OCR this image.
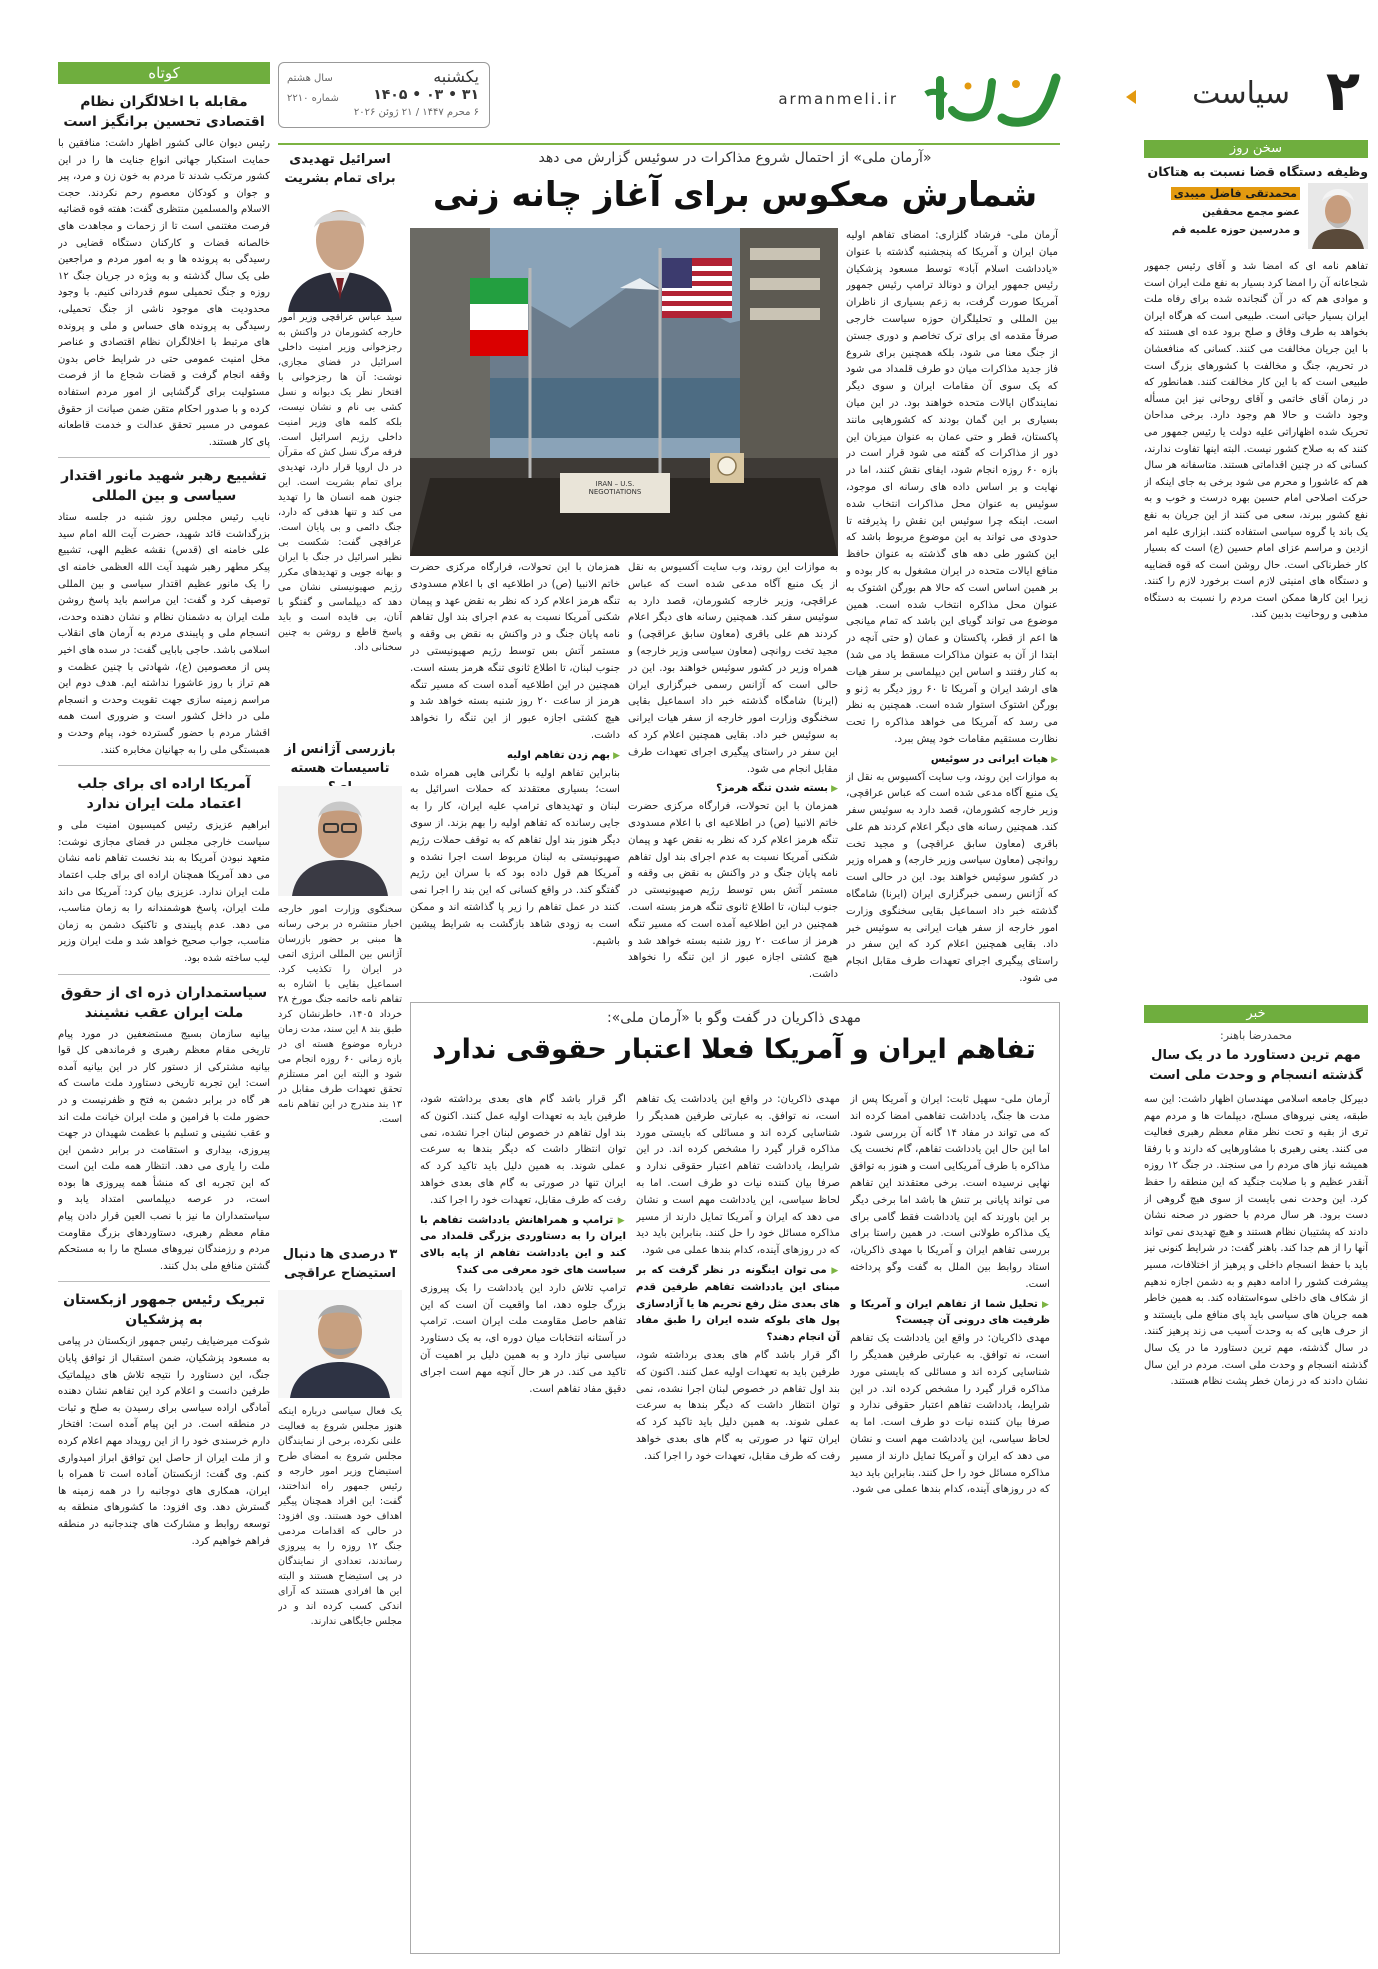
۲
سیاست
armanmeli.ir
یکشنبه
۳۱ • ۰۳ • ۱۴۰۵
۶ محرم ۱۴۴۷ / ۲۱ ژوئن ۲۰۲۶
سال هشتم
شماره ۲۲۱۰
کوتاه
مقابله با اخلالگران نظام اقتصادی تحسین برانگیز است
رئیس دیوان عالی کشور اظهار داشت: منافقین با حمایت استکبار جهانی انواع جنایت ها را در این کشور مرتکب شدند تا مردم به خون زن و مرد، پیر و جوان و کودکان معصوم رحم نکردند. حجت الاسلام والمسلمین منتظری گفت: هفته قوه قضائیه فرصت مغتنمی است تا از زحمات و مجاهدت های خالصانه قضات و کارکنان دستگاه قضایی در رسیدگی به پرونده ها و به امور مردم و مراجعین طی یک سال گذشته و به ویژه در جریان جنگ ۱۲ روزه و جنگ تحمیلی سوم قدردانی کنیم. با وجود محدودیت های موجود ناشی از جنگ تحمیلی، رسیدگی به پرونده های حساس و ملی و پرونده های مرتبط با اخلالگران نظام اقتصادی و عناصر مخل امنیت عمومی حتی در شرایط خاص بدون وقفه انجام گرفت و قضات شجاع ما از فرصت مسئولیت برای گرگشایی از امور مردم استفاده کرده و با صدور احکام متقن ضمن صیانت از حقوق عمومی در مسیر تحقق عدالت و خدمت قاطعانه پای کار هستند.
تشییع رهبر شهید مانور اقتدار سیاسی و بین المللی
نایب رئیس مجلس روز شنبه در جلسه ستاد بزرگداشت قائد شهید، حضرت آیت الله امام سید علی خامنه ای (قدس) نقشه عظیم الهی، تشییع پیکر مطهر رهبر شهید آیت الله العظمی خامنه ای را یک مانور عظیم اقتدار سیاسی و بین المللی توصیف کرد و گفت: این مراسم باید پاسخ روشن ملت ایران به دشمنان نظام و نشان دهنده وحدت، انسجام ملی و پایبندی مردم به آرمان های انقلاب اسلامی باشد. حاجی بابایی گفت: در سده های اخیر پس از معصومین (ع)، شهادتی با چنین عظمت و هم تراز با روز عاشورا نداشته ایم. هدف دوم این مراسم زمینه سازی جهت تقویت وحدت و انسجام ملی در داخل کشور است و ضروری است همه اقشار مردم با حضور گسترده خود، پیام وحدت و همبستگی ملی را به جهانیان مخابره کنند.
آمریکا اراده ای برای جلب اعتماد ملت ایران ندارد
ابراهیم عزیزی رئیس کمیسیون امنیت ملی و سیاست خارجی مجلس در فضای مجازی نوشت: متعهد نبودن آمریکا به بند نخست تفاهم نامه نشان می دهد آمریکا همچنان اراده ای برای جلب اعتماد ملت ایران ندارد. عزیزی بیان کرد: آمریکا می داند ملت ایران، پاسخ هوشمندانه را به زمان مناسب، می دهد. عدم پایبندی و تاکتیک دشمن به زمان مناسب، جواب صحیح خواهد شد و ملت ایران وزیر لیب ساخته شده بود.
سیاستمداران ذره ای از حقوق ملت ایران عقب نشینند
بیانیه سازمان بسیج مستضعفین در مورد پیام تاریخی مقام معظم رهبری و فرماندهی کل قوا بیانیه مشترکی از دستور کار در این بیانیه آمده است: این تجربه تاریخی دستاورد ملت ماست که هر گاه در برابر دشمن به فتح و ظفرنیست و در حضور ملت با فرامین و ملت ایران خیانت ملت اند و عقب نشینی و تسلیم با عظمت شهیدان در جهت پیروزی، بیداری و استقامت در برابر دشمن این ملت را یاری می دهد. انتظار همه ملت این است که این تجربه ای که منشأ همه پیروزی ها بوده است، در عرصه دیپلماسی امتداد یابد و سیاستمداران ما نیز با نصب العین قرار دادن پیام مقام معظم رهبری، دستاوردهای بزرگ مقاومت مردم و رزمندگان نیروهای مسلح ما را به مستحکم گشتن منافع ملی بدل کنند.
تبریک رئیس جمهور ازبکستان به پزشکیان
شوکت میرضیایف رئیس جمهور ازبکستان در پیامی به مسعود پزشکیان، ضمن استقبال از توافق پایان جنگ، این دستاورد را نتیجه تلاش های دیپلماتیک طرفین دانست و اعلام کرد این تفاهم نشان دهنده آمادگی اراده سیاسی برای رسیدن به صلح و ثبات در منطقه است. در این پیام آمده است: افتخار دارم خرسندی خود را از این رویداد مهم اعلام کرده و از ملت ایران از حاصل این توافق ابراز امیدواری کنم. وی گفت: ازبکستان آماده است تا همراه با ایران، همکاری های دوجانبه را در همه زمینه ها گسترش دهد. وی افزود: ما کشورهای منطقه به توسعه روابط و مشارکت های چندجانبه در منطقه فراهم خواهیم کرد.
اسرائیل تهدیدی برای تمام بشریت
سید عباس عراقچی وزیر امور خارجه کشورمان در واکنش به رجزخوانی وزیر امنیت داخلی اسرائیل در فضای مجازی، نوشت: آن ها رجزخوانی با افتخار نظر یک دیوانه و نسل کشی بی نام و نشان نیست، بلکه کلمه های وزیر امنیت داخلی رژیم اسرائیل است. فرقه مرگ نسل کش که مقرآن در دل اروپا قرار دارد، تهدیدی برای تمام بشریت است. این جنون همه انسان ها را تهدید می کند و تنها هدفی که دارد، جنگ دائمی و بی پایان است. عراقچی گفت: شکست بی نظیر اسرائیل در جنگ با ایران و بهانه جویی و تهدیدهای مکرر رژیم صهیونیستی نشان می دهد که دیپلماسی و گفتگو با آنان، بی فایده است و باید پاسخ قاطع و روشن به چنین سخنانی داد.
بازرسی آژانس از تاسیسات هسته
سخنگوی وزارت امور خارجه اخبار منتشره در برخی رسانه ها مبنی بر حضور بازرسان آژانس بین المللی انرژی اتمی در ایران را تکذیب کرد. اسماعیل بقایی با اشاره به تفاهم نامه خاتمه جنگ مورخ ۲۸ خرداد ۱۴۰۵، خاطرنشان کرد طبق بند ۸ این سند، مدت زمان درباره موضوع هسته ای در بازه زمانی ۶۰ روزه انجام می شود و البته این امر مستلزم تحقق تعهدات طرف مقابل در ۱۳ بند مندرج در این تفاهم نامه است.
۳ درصدی ها دنبال استیضاح عراقچی
یک فعال سیاسی درباره اینکه هنوز مجلس شروع به فعالیت علنی نکرده، برخی از نمایندگان مجلس شروع به امضای طرح استیضاح وزیر امور خارجه و رئیس جمهور راه انداختند، گفت: این افراد همچنان پیگیر اهداف خود هستند. وی افزود: در حالی که اقدامات مردمی جنگ ۱۲ روزه را به پیروزی رساندند، تعدادی از نمایندگان در پی استیضاح هستند و البته این ها افرادی هستند که آرای اندکی کسب کرده اند و در مجلس جایگاهی ندارند.
«آرمان ملی» از احتمال شروع مذاکرات در سوئیس گزارش می دهد
شمارش معکوس برای آغاز چانه زنی
IRAN – U.S.
NEGOTIATIONS

آرمان ملی- فرشاد گلزاری: امضای تفاهم اولیه میان ایران و آمریکا که پنجشنبه گذشته با عنوان «یادداشت اسلام آباد» توسط مسعود پزشکیان رئیس جمهور ایران و دونالد ترامپ رئیس جمهور آمریکا صورت گرفت، به زعم بسیاری از ناظران بین المللی و تحلیلگران حوزه سیاست خارجی صرفاً مقدمه ای برای ترک تخاصم و دوری جستن از جنگ معنا می شود، بلکه همچنین برای شروع فاز جدید مذاکرات میان دو طرف قلمداد می شود که یک سوی آن مقامات ایران و سوی دیگر نمایندگان ایالات متحده خواهند بود. در این میان بسیاری بر این گمان بودند که کشورهایی مانند پاکستان، قطر و حتی عمان به عنوان میزبان این دور از مذاکرات که گفته می شود قرار است در بازه ۶۰ روزه انجام شود، ایفای نقش کنند، اما در نهایت و بر اساس داده های رسانه ای موجود، سوئیس به عنوان محل مذاکرات انتخاب شده است. اینکه چرا سوئیس این نقش را پذیرفته تا حدودی می تواند به این موضوع مربوط باشد که این کشور طی دهه های گذشته به عنوان حافظ منافع ایالات متحده در ایران مشغول به کار بوده و بر همین اساس است که حالا هم بورگن اشتوک به عنوان محل مذاکره انتخاب شده است. همین موضوع می تواند گویای این باشد که تمام میانجی ها اعم از قطر، پاکستان و عمان (و حتی آنچه در ابتدا از آن به عنوان مذاکرات مسقط یاد می شد) به کنار رفتند و اساس این دیپلماسی بر سفر هیات های ارشد ایران و آمریکا تا ۶۰ روز دیگر به ژنو و بورگن اشتوک استوار شده است. همچنین به نظر می رسد که آمریکا می خواهد مذاکره را تحت نظارت مستقیم مقامات خود پیش ببرد.

▶ هیات ایرانی در سوئیس

به موازات این روند، وب سایت آکسیوس به نقل از یک منبع آگاه مدعی شده است که عباس عراقچی، وزیر خارجه کشورمان، قصد دارد به سوئیس سفر کند. همچنین رسانه های دیگر اعلام کردند هم علی باقری (معاون سابق عراقچی) و مجید تخت روانچی (معاون سیاسی وزیر خارجه) و همراه وزیر در کشور سوئیس خواهند بود. این در حالی است که آژانس رسمی خبرگزاری ایران (ایرنا) شامگاه گذشته خبر داد اسماعیل بقایی سخنگوی وزارت امور خارجه از سفر هیات ایرانی به سوئیس خبر داد. بقایی همچنین اعلام کرد که این سفر در راستای پیگیری اجرای تعهدات طرف مقابل انجام می شود.

به موازات این روند، وب سایت آکسیوس به نقل از یک منبع آگاه مدعی شده است که عباس عراقچی، وزیر خارجه کشورمان، قصد دارد به سوئیس سفر کند. همچنین رسانه های دیگر اعلام کردند هم علی باقری (معاون سابق عراقچی) و مجید تخت روانچی (معاون سیاسی وزیر خارجه) و همراه وزیر در کشور سوئیس خواهند بود. این در حالی است که آژانس رسمی خبرگزاری ایران (ایرنا) شامگاه گذشته خبر داد اسماعیل بقایی سخنگوی وزارت امور خارجه از سفر هیات ایرانی به سوئیس خبر داد. بقایی همچنین اعلام کرد که این سفر در راستای پیگیری اجرای تعهدات طرف مقابل انجام می شود.

▶ بسته شدن تنگه هرمز؟

همزمان با این تحولات، فرارگاه مرکزی حضرت خاتم الانبیا (ص) در اطلاعیه ای با اعلام مسدودی تنگه هرمز اعلام کرد که نظر به نقض عهد و پیمان شکنی آمریکا نسبت به عدم اجرای بند اول تفاهم نامه پایان جنگ و در واکنش به نقض بی وقفه و مستمر آتش بس توسط رژیم صهیونیستی در جنوب لبنان، تا اطلاع ثانوی تنگه هرمز بسته است. همچنین در این اطلاعیه آمده است که مسیر تنگه هرمز از ساعت ۲۰ روز شنبه بسته خواهد شد و هیچ کشتی اجازه عبور از این تنگه را نخواهد داشت.

همزمان با این تحولات، فرارگاه مرکزی حضرت خاتم الانبیا (ص) در اطلاعیه ای با اعلام مسدودی تنگه هرمز اعلام کرد که نظر به نقض عهد و پیمان شکنی آمریکا نسبت به عدم اجرای بند اول تفاهم نامه پایان جنگ و در واکنش به نقض بی وقفه و مستمر آتش بس توسط رژیم صهیونیستی در جنوب لبنان، تا اطلاع ثانوی تنگه هرمز بسته است. همچنین در این اطلاعیه آمده است که مسیر تنگه هرمز از ساعت ۲۰ روز شنبه بسته خواهد شد و هیچ کشتی اجازه عبور از این تنگه را نخواهد داشت.

▶ بهم زدن تفاهم اولیه

بنابراین تفاهم اولیه با نگرانی هایی همراه شده است؛ بسیاری معتقدند که حملات اسرائیل به لبنان و تهدیدهای ترامپ علیه ایران، کار را به جایی رسانده که تفاهم اولیه را بهم بزند. از سوی دیگر هنوز بند اول تفاهم که به توقف حملات رژیم صهیونیستی به لبنان مربوط است اجرا نشده و آمریکا هم قول داده بود که با سران این رژیم گفتگو کند. در واقع کسانی که این بند را اجرا نمی کنند در عمل تفاهم را زیر پا گذاشته اند و ممکن است به زودی شاهد بازگشت به شرایط پیشین باشیم.

مهدی ذاکریان در گفت وگو با «آرمان ملی»:
تفاهم ایران و آمریکا فعلا اعتبار حقوقی ندارد

آرمان ملی- سهیل ثابت: ایران و آمریکا پس از مدت ها جنگ، یادداشت تفاهمی امضا کرده اند که می تواند در مفاد ۱۴ گانه آن بررسی شود. اما این حال این یادداشت تفاهم، گام نخست یک مذاکره با طرف آمریکایی است و هنوز به توافق نهایی نرسیده است. برخی معتقدند این تفاهم می تواند پایانی بر تنش ها باشد اما برخی دیگر بر این باورند که این یادداشت فقط گامی برای یک مذاکره طولانی است. در همین راستا برای بررسی تفاهم ایران و آمریکا با مهدی ذاکریان، استاد روابط بین الملل به گفت وگو پرداخته است.

▶ تحلیل شما از تفاهم ایران و آمریکا و ظرفیت های درونی آن چیست؟

مهدی ذاکریان: در واقع این یادداشت یک تفاهم است، نه توافق. به عبارتی طرفین همدیگر را شناسایی کرده اند و مسائلی که بایستی مورد مذاکره قرار گیرد را مشخص کرده اند. در این شرایط، یادداشت تفاهم اعتبار حقوقی ندارد و صرفا بیان کننده نیات دو طرف است. اما به لحاظ سیاسی، این یادداشت مهم است و نشان می دهد که ایران و آمریکا تمایل دارند از مسیر مذاکره مسائل خود را حل کنند. بنابراین باید دید که در روزهای آینده، کدام بندها عملی می شود.

مهدی ذاکریان: در واقع این یادداشت یک تفاهم است، نه توافق. به عبارتی طرفین همدیگر را شناسایی کرده اند و مسائلی که بایستی مورد مذاکره قرار گیرد را مشخص کرده اند. در این شرایط، یادداشت تفاهم اعتبار حقوقی ندارد و صرفا بیان کننده نیات دو طرف است. اما به لحاظ سیاسی، این یادداشت مهم است و نشان می دهد که ایران و آمریکا تمایل دارند از مسیر مذاکره مسائل خود را حل کنند. بنابراین باید دید که در روزهای آینده، کدام بندها عملی می شود.

▶ می توان اینگونه در نظر گرفت که بر مبنای این یادداشت تفاهم طرفین قدم های بعدی مثل رفع تحریم ها یا آزادسازی پول های بلوکه شده ایران را طبق مفاد آن انجام دهند؟

اگر قرار باشد گام های بعدی برداشته شود، طرفین باید به تعهدات اولیه عمل کنند. اکنون که بند اول تفاهم در خصوص لبنان اجرا نشده، نمی توان انتظار داشت که دیگر بندها به سرعت عملی شوند. به همین دلیل باید تاکید کرد که ایران تنها در صورتی به گام های بعدی خواهد رفت که طرف مقابل، تعهدات خود را اجرا کند.

اگر قرار باشد گام های بعدی برداشته شود، طرفین باید به تعهدات اولیه عمل کنند. اکنون که بند اول تفاهم در خصوص لبنان اجرا نشده، نمی توان انتظار داشت که دیگر بندها به سرعت عملی شوند. به همین دلیل باید تاکید کرد که ایران تنها در صورتی به گام های بعدی خواهد رفت که طرف مقابل، تعهدات خود را اجرا کند.

▶ ترامپ و همراهانش یادداشت تفاهم با ایران را به دستاوردی بزرگی قلمداد می کند و این یادداشت تفاهم از پایه بالای سیاست های خود معرفی می کند؟

ترامپ تلاش دارد این یادداشت را یک پیروزی بزرگ جلوه دهد، اما واقعیت آن است که این تفاهم حاصل مقاومت ملت ایران است. ترامپ در آستانه انتخابات میان دوره ای، به یک دستاورد سیاسی نیاز دارد و به همین دلیل بر اهمیت آن تاکید می کند. در هر حال آنچه مهم است اجرای دقیق مفاد تفاهم است.

سخن روز
وظیفه دستگاه قضا نسبت به هتاکان
محمدتقی فاضل میبدی
عضو مجمع محققین
و مدرسین حوزه علمیه قم
تفاهم نامه ای که امضا شد و آقای رئیس جمهور شجاعانه آن را امضا کرد بسیار به نفع ملت ایران است و موادی هم که در آن گنجانده شده برای رفاه ملت ایران بسیار حیاتی است. طبیعی است که هرگاه ایران بخواهد به طرف وفاق و صلح برود عده ای هستند که با این جریان مخالفت می کنند. کسانی که منافعشان در تحریم، جنگ و مخالفت با کشورهای بزرگ است طبیعی است که با این کار مخالفت کنند. همانطور که در زمان آقای خاتمی و آقای روحانی نیز این مسأله وجود داشت و حالا هم وجود دارد. برخی مداحان تحریک شده اظهاراتی علیه دولت یا رئیس جمهور می کنند که به صلاح کشور نیست. البته اینها تفاوت ندارند، کسانی که در چنین اقداماتی هستند. متاسفانه هر سال هم که عاشورا و محرم می شود برخی به جای اینکه از حرکت اصلاحی امام حسین بهره درست و خوب و به نفع کشور ببرند، سعی می کنند از این جریان به نفع یک باند یا گروه سیاسی استفاده کنند. ابزاری علیه امر ازدین و مراسم عزای امام حسین (ع) است که بسیار کار خطرناکی است. حال روشن است که قوه قضاییه و دستگاه های امنیتی لازم است برخورد لازم را کنند. زیرا این کارها ممکن است مردم را نسبت به دستگاه مذهبی و روحانیت بدبین کند.
خبر
محمدرضا باهنر:
مهم ترین دستاورد ما در یک سال گذشته انسجام و وحدت ملی است
دبیرکل جامعه اسلامی مهندسان اظهار داشت: این سه طبقه، یعنی نیروهای مسلح، دیپلمات ها و مردم مهم تری از بقیه و تحت نظر مقام معظم رهبری فعالیت می کنند. یعنی رهبری با مشاورهایی که دارند و با رفقا همیشه نیاز های مردم را می سنجند. در جنگ ۱۲ روزه آنقدر عظیم و با صلابت جنگید که این منطقه را حفظ کرد. این وحدت نمی بایست از سوی هیچ گروهی از دست برود. هر سال مردم با حضور در صحنه نشان دادند که پشتیبان نظام هستند و هیچ تهدیدی نمی تواند آنها را از هم جدا کند. باهنر گفت: در شرایط کنونی نیز باید با حفظ انسجام داخلی و پرهیز از اختلافات، مسیر پیشرفت کشور را ادامه دهیم و به دشمن اجازه ندهیم از شکاف های داخلی سوءاستفاده کند. به همین خاطر همه جریان های سیاسی باید پای منافع ملی بایستند و از حرف هایی که به وحدت آسیب می زند پرهیز کنند. در سال گذشته، مهم ترین دستاورد ما در یک سال گذشته انسجام و وحدت ملی است. مردم در این سال نشان دادند که در زمان خطر پشت نظام هستند.
